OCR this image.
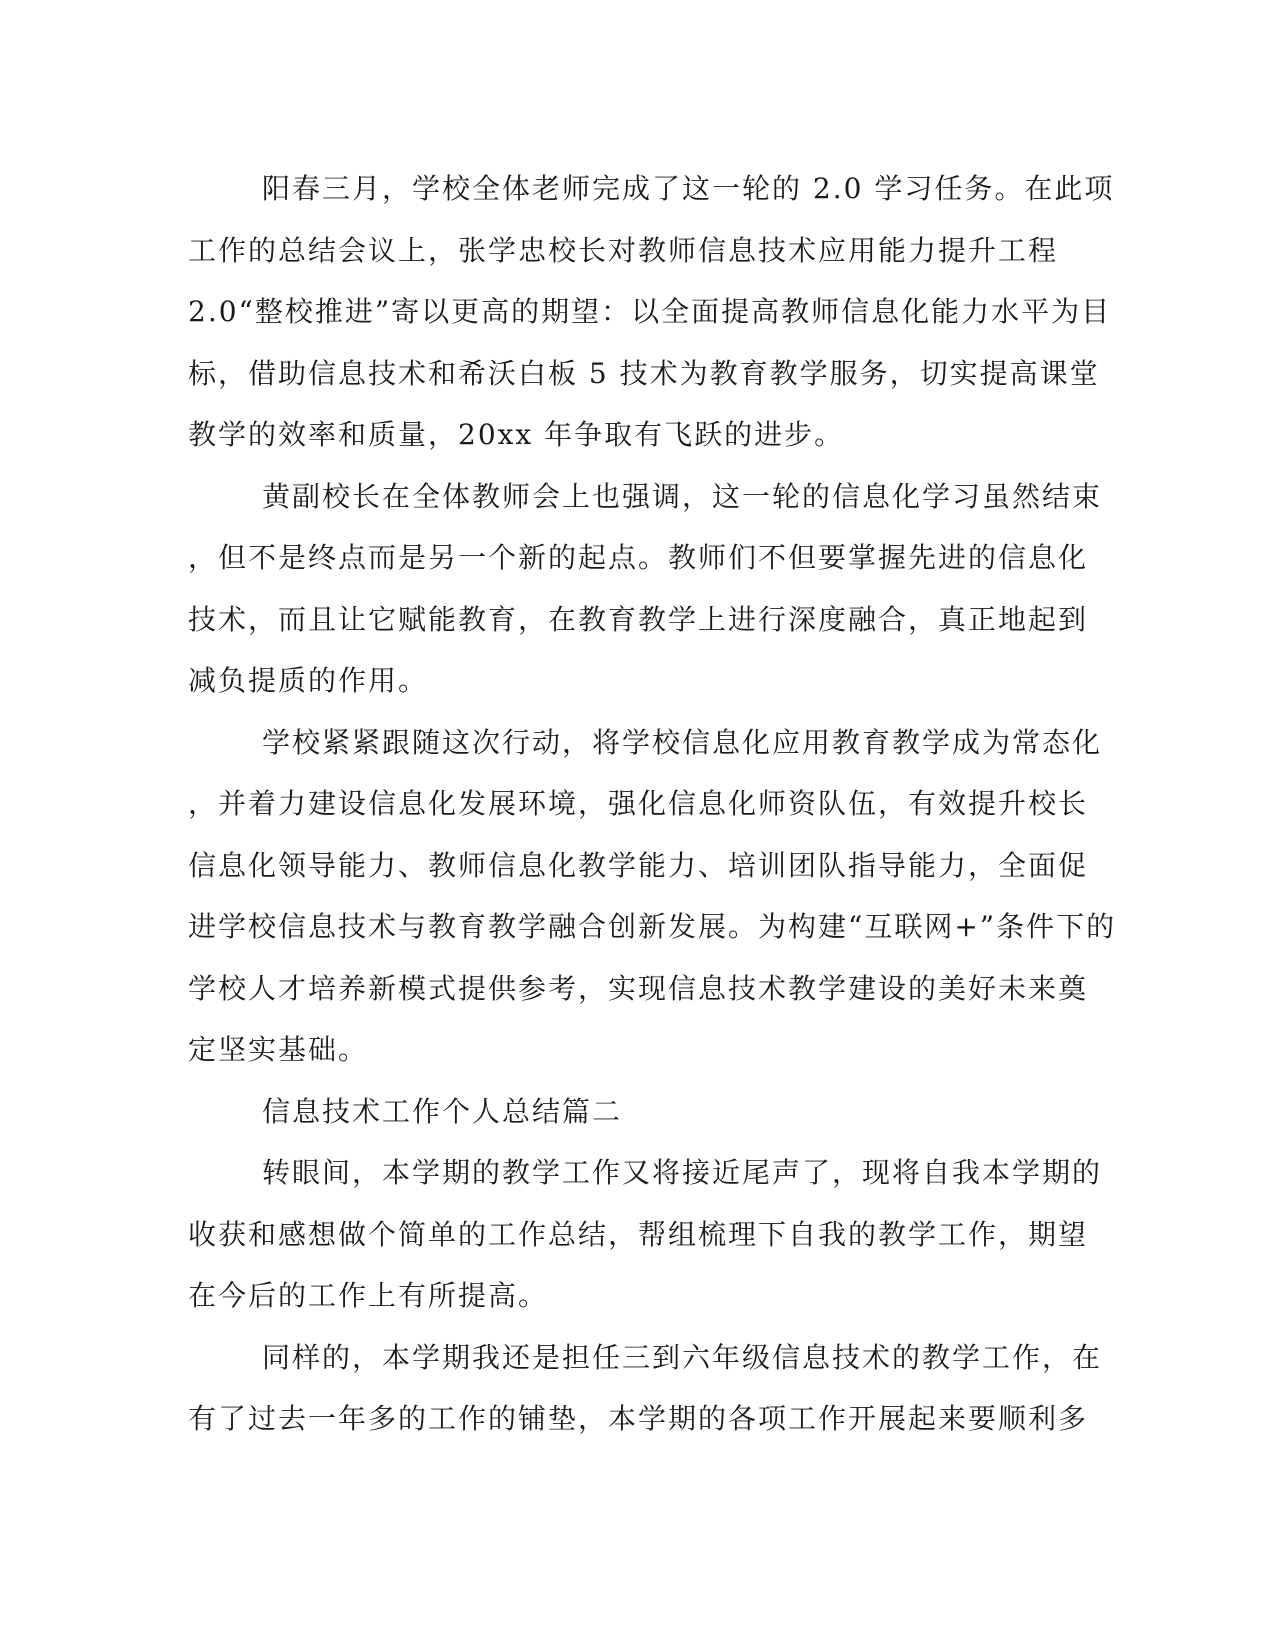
阳春三月，学校全体老师完成了这一轮的 2.0 学习任务。在此项
工作的总结会议上，张学忠校长对教师信息技术应用能力提升工程
2.0“整校推进”寄以更高的期望：以全面提高教师信息化能力水平为目
标，借助信息技术和希沃白板 5 技术为教育教学服务，切实提高课堂
教学的效率和质量，20xx 年争取有飞跃的进步。
黄副校长在全体教师会上也强调，这一轮的信息化学习虽然结束
，但不是终点而是另一个新的起点。教师们不但要掌握先进的信息化
技术，而且让它赋能教育，在教育教学上进行深度融合，真正地起到
减负提质的作用。
学校紧紧跟随这次行动，将学校信息化应用教育教学成为常态化
，并着力建设信息化发展环境，强化信息化师资队伍，有效提升校长
信息化领导能力、教师信息化教学能力、培训团队指导能力，全面促
进学校信息技术与教育教学融合创新发展。为构建“互联网+”条件下的
学校人才培养新模式提供参考，实现信息技术教学建设的美好未来奠
定坚实基础。
信息技术工作个人总结篇二
转眼间，本学期的教学工作又将接近尾声了，现将自我本学期的
收获和感想做个简单的工作总结，帮组梳理下自我的教学工作，期望
在今后的工作上有所提高。
同样的，本学期我还是担任三到六年级信息技术的教学工作，在
有了过去一年多的工作的铺垫，本学期的各项工作开展起来要顺利多
